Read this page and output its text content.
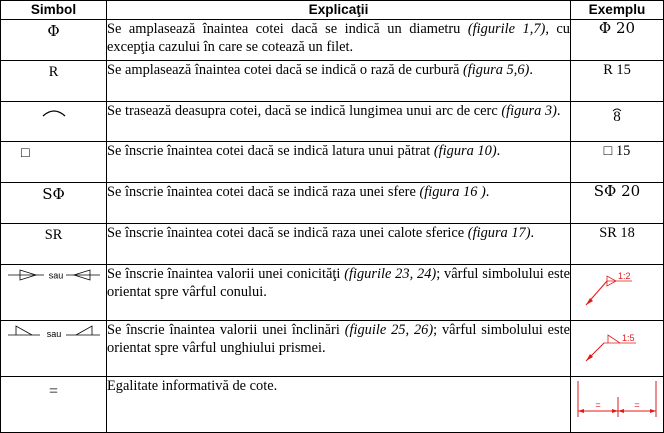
Simbol	Explicaţii	Exemplu
Φ	Se amplasează înaintea cotei dacă se indică un diametru (figurile 1,7), cu excepţia cazului în care se cotează un filet.	Φ 20
R	Se amplasează înaintea cotei dacă se indică o rază de curbură (figura 5,6).	R 15

	Se trasează deasupra cotei, dacă se indică lungimea unui arc de cerc (figura 3).	8
□	Se înscrie înaintea cotei dacă se indică latura unui pătrat (figura 10).	□ 15
SΦ	Se înscrie înaintea cotei dacă se indică raza unei sfere (figura 16 ).	SΦ 20
SR	Se înscrie înaintea cotei dacă se indică raza unei calote sferice (figura 17).	SR 18

sau	Se înscrie înaintea valorii unei conicităţi (figurile 23, 24); vârful simbolului este orientat spre vârful conului.	1:2

sau	Se înscrie înaintea valorii unei înclinări (figuile 25, 26); vârful simbolului este orientat spre vârful unghiului prismei.	1:5

=	Egalitate informativă de cote.	= =
